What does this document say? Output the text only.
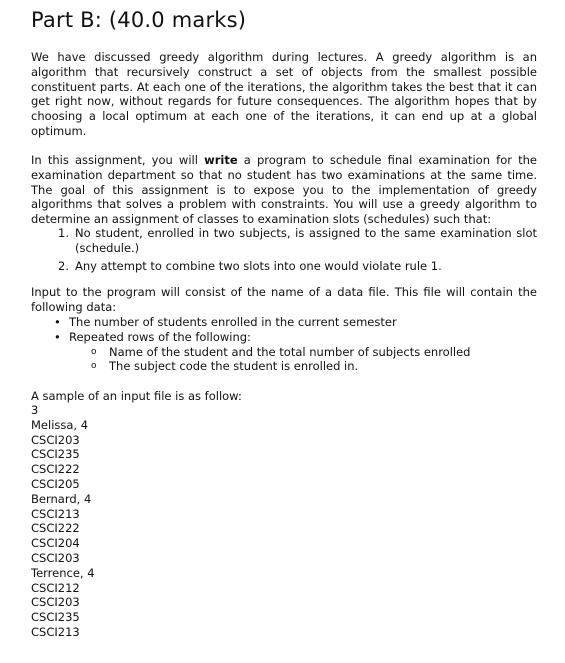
Part B: (40.0 marks)

We have discussed greedy algorithm during lectures. A greedy algorithm is an algorithm that recursively construct a set of objects from the smallest possible constituent parts. At each one of the iterations, the algorithm takes the best that it can get right now, without regards for future consequences. The algorithm hopes that by choosing a local optimum at each one of the iterations, it can end up at a global optimum.

In this assignment, you will write a program to schedule final examination for the examination department so that no student has two examinations at the same time. The goal of this assignment is to expose you to the implementation of greedy algorithms that solves a problem with constraints. You will use a greedy algorithm to determine an assignment of classes to examination slots (schedules) such that:

1. No student, enrolled in two subjects, is assigned to the same examination slot (schedule.)
2. Any attempt to combine two slots into one would violate rule 1.

Input to the program will consist of the name of a data file. This file will contain the following data:

• The number of students enrolled in the current semester
• Repeated rows of the following:
o Name of the student and the total number of subjects enrolled
o The subject code the student is enrolled in.

A sample of an input file is as follow:

3
Melissa, 4
CSCI203
CSCI235
CSCI222
CSCI205
Bernard, 4
CSCI213
CSCI222
CSCI204
CSCI203
Terrence, 4
CSCI212
CSCI203
CSCI235
CSCI213
